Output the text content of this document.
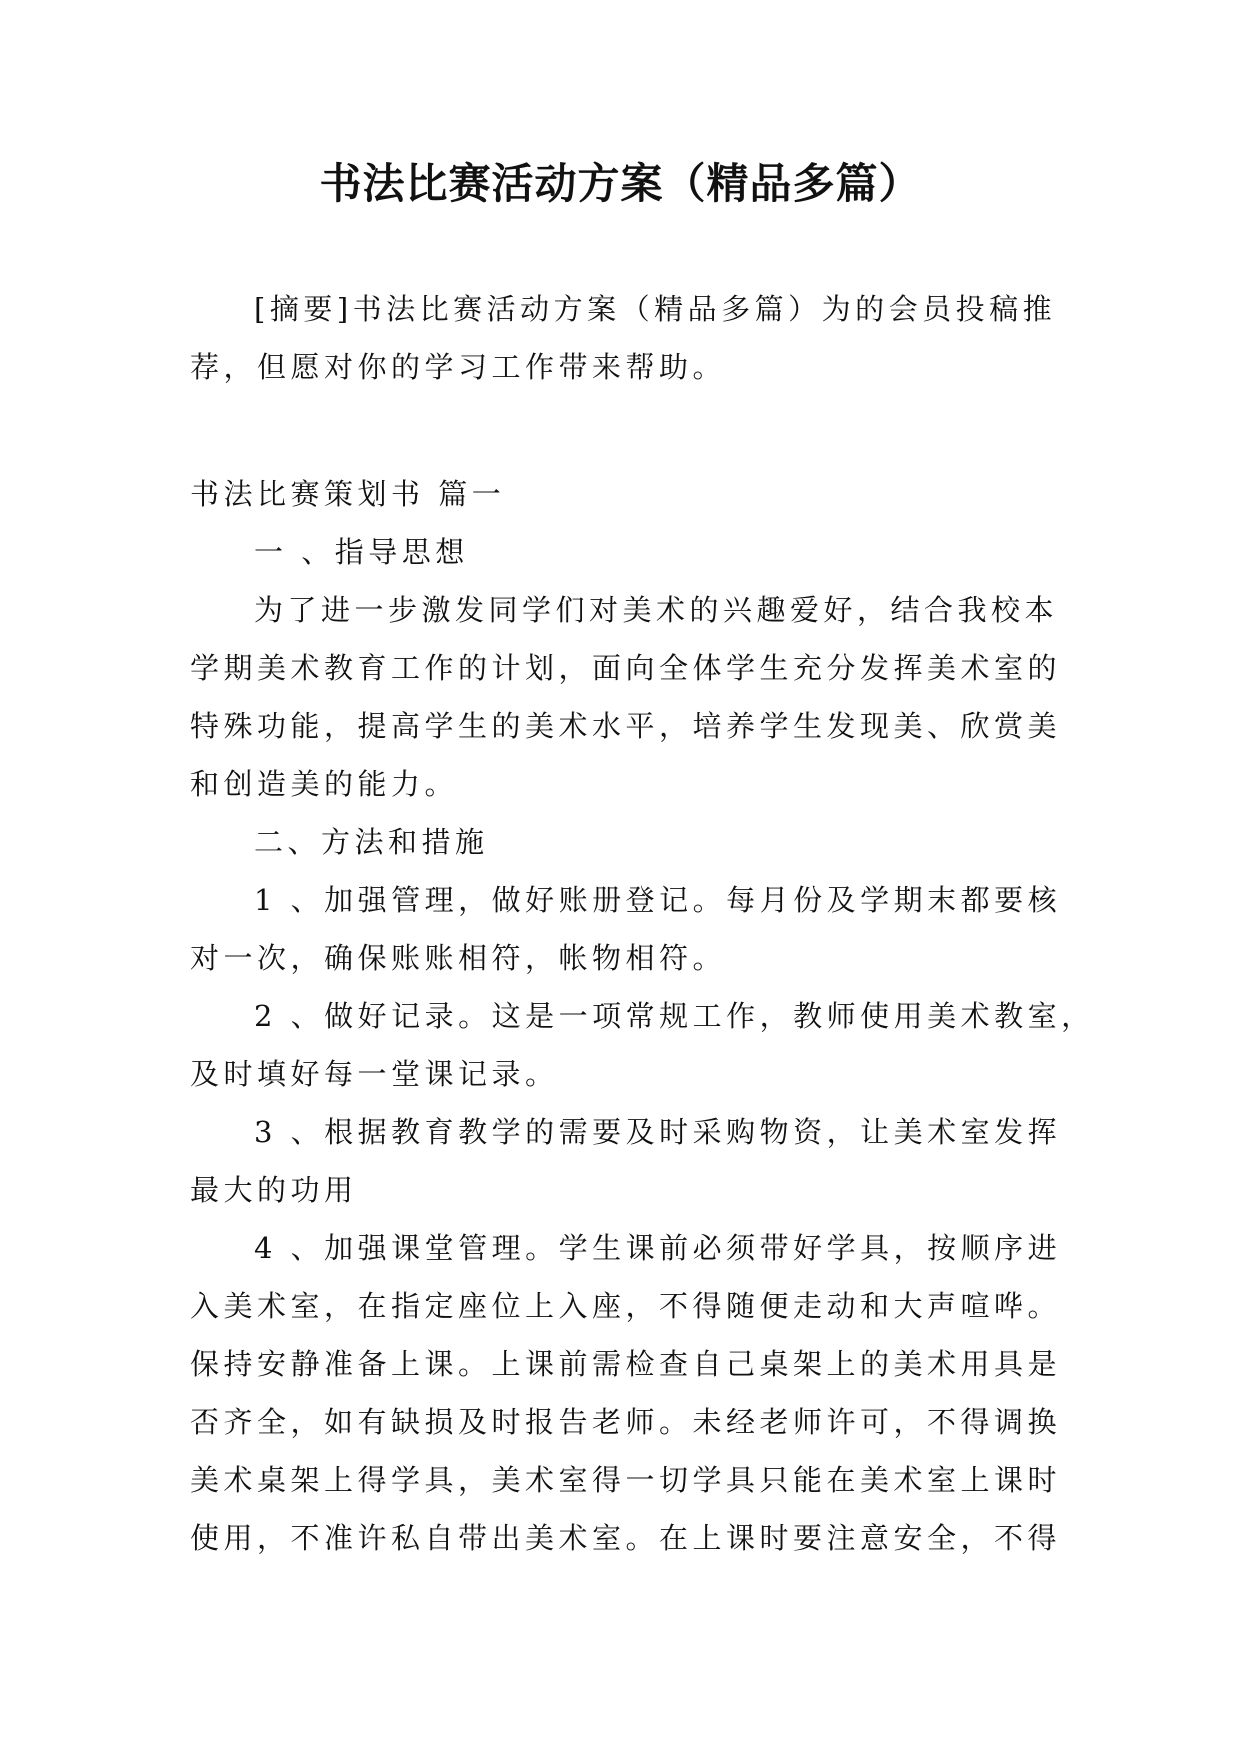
书法比赛活动方案（精品多篇）
[摘要]书法比赛活动方案（精品多篇）为的会员投稿推
荐，但愿对你的学习工作带来帮助。
书法比赛策划书 篇一
一 、指导思想
为了进一步激发同学们对美术的兴趣爱好，结合我校本
学期美术教育工作的计划，面向全体学生充分发挥美术室的
特殊功能，提高学生的美术水平，培养学生发现美、欣赏美
和创造美的能力。
二、方法和措施
1 、加强管理，做好账册登记。每月份及学期末都要核
对一次，确保账账相符，帐物相符。
2 、做好记录。这是一项常规工作，教师使用美术教室，
及时填好每一堂课记录。
3 、根据教育教学的需要及时采购物资，让美术室发挥
最大的功用
4 、加强课堂管理。学生课前必须带好学具，按顺序进
入美术室，在指定座位上入座，不得随便走动和大声喧哗。
保持安静准备上课。上课前需检查自己桌架上的美术用具是
否齐全，如有缺损及时报告老师。未经老师许可，不得调换
美术桌架上得学具，美术室得一切学具只能在美术室上课时
使用，不准许私自带出美术室。在上课时要注意安全，不得
